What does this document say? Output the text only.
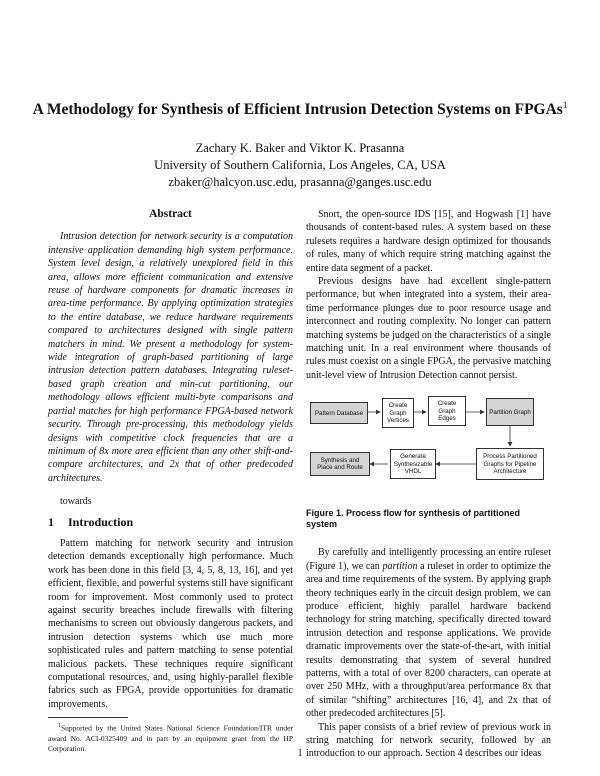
A Methodology for Synthesis of Efficient Intrusion Detection Systems on FPGAs$^1$
Zachary K. Baker and Viktor K. Prasanna
University of Southern California, Los Angeles, CA, USA
zbaker@halcyon.usc.edu, prasanna@ganges.usc.edu
Abstract

Intrusion detection for network security is a computation intensive application demanding high system performance. System level design, a relatively unexplored field in this area, allows more efficient communication and extensive reuse of hardware components for dramatic increases in area-time performance. By applying optimization strategies to the entire database, we reduce hardware requirements compared to architectures designed with single pattern matchers in mind. We present a methodology for system-wide integration of graph-based partitioning of large intrusion detection pattern databases. Integrating ruleset-based graph creation and min-cut partitioning, our methodology allows efficient multi-byte comparisons and partial matches for high performance FPGA-based network security. Through pre-processing, this methodology yields designs with competitive clock frequencies that are a minimum of 8x more area efficient than any other shift-and-compare architectures, and 2x that of other predecoded architectures.

towards
1 Introduction

Pattern matching for network security and intrusion detection demands exceptionally high performance. Much work has been done in this field [3, 4, 5, 8, 13, 16], and yet efficient, flexible, and powerful systems still have significant room for improvement. Most commonly used to protect against security breaches include firewalls with filtering mechanisms to screen out obviously dangerous packets, and intrusion detection systems which use much more sophisticated rules and pattern matching to sense potential malicious packets. These techniques require significant computational resources, and, using highly-parallel flexible fabrics such as FPGA, provide opportunities for dramatic improvements.

$^1$Supported by the United States National Science Foundation/ITR under award No. ACI-0325409 and in part by an equipment grant from the HP Corporation.

Snort, the open-source IDS [15], and Hogwash [1] have thousands of content-based rules. A system based on these rulesets requires a hardware design optimized for thousands of rules, many of which require string matching against the entire data segment of a packet.

Previous designs have had excellent single-pattern performance, but when integrated into a system, their area-time performance plunges due to poor resource usage and interconnect and routing complexity. No longer can pattern matching systems be judged on the characteristics of a single matching unit. In a real environment where thousands of rules must coexist on a single FPGA, the pervasive matching unit-level view of Intrusion Detection cannot persist.

Pattern Database
Create Graph Vertices
Create Graph Edges
Partition Graph
Synthesis and Place and Route
Generate Synthesizable VHDL
Process Partitioned Graphs for Pipeline Architecture
Figure 1. Process flow for synthesis of partitioned system

By carefully and intelligently processing an entire ruleset (Figure 1), we can partition a ruleset in order to optimize the area and time requirements of the system. By applying graph theory techniques early in the circuit design problem, we can produce efficient, highly parallel hardware backend technology for string matching, specifically directed toward intrusion detection and response applications. We provide dramatic improvements over the state-of-the-art, with initial results demonstrating that system of several hundred patterns, with a total of over 8200 characters, can operate at over 250 MHz, with a throughput/area performance 8x that of similar “shifting” architectures [16, 4], and 2x that of other predecoded architectures [5].

This paper consists of a brief review of previous work in string matching for network security, followed by an introduction to our approach. Section 4 describes our ideas

1
